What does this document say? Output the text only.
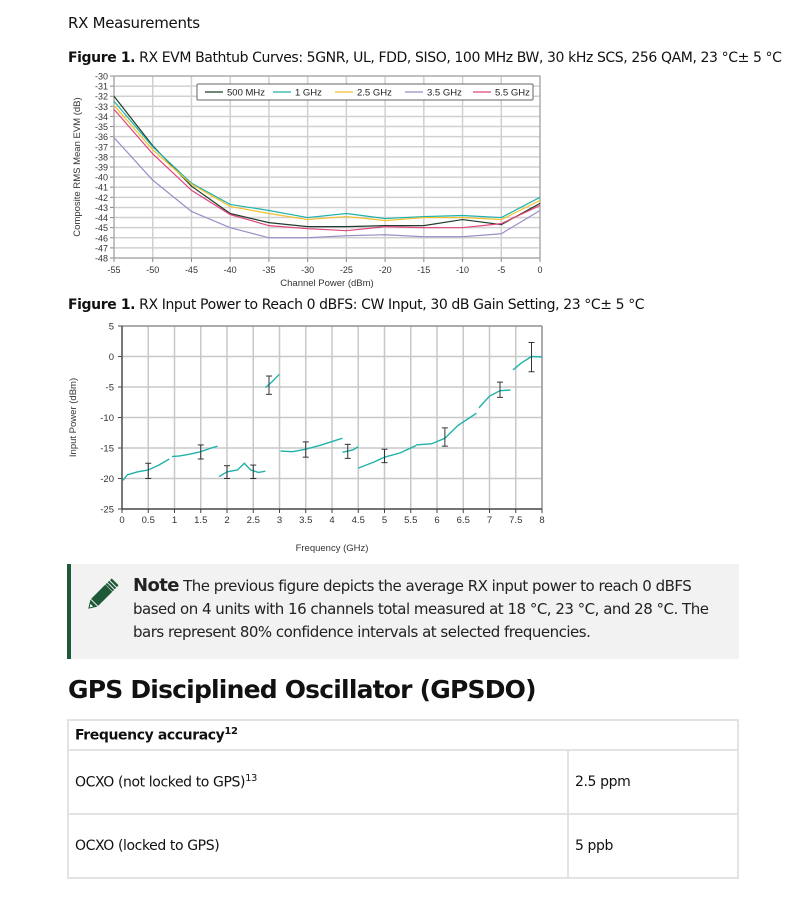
RX Measurements
Figure 1. RX EVM Bathtub Curves: 5GNR, UL, FDD, SISO, 100 MHz BW, 30 kHz SCS, 256 QAM, 23 °C± 5 °C
-30
-31
-32
-33
-34
-35
-36
-37
-38
-39
-40
-41
-42
-43
-44
-45
-46
-47
-48
-55	-50	-45	-40	-35	-30	-25	-20	-15	-10	-5	0
Channel Power (dBm)
Composite RMS Mean EVM (dB)
500 MHz	1 GHz	2.5 GHz	3.5 GHz	5.5 GHz
Figure 1. RX Input Power to Reach 0 dBFS: CW Input, 30 dB Gain Setting, 23 °C± 5 °C
5
0
-5
-10
-15
-20
-25
0 0.5 1 1.5 2 2.5 3 3.5 4 4.5 5 5.5 6 6.5 7 7.5 8
Frequency (GHz)
Input Power (dBm)
Note The previous figure depicts the average RX input power to reach 0 dBFS based on 4 units with 16 channels total measured at 18 °C, 23 °C, and 28 °C. The bars represent 80% confidence intervals at selected frequencies.
GPS Disciplined Oscillator (GPSDO)
Frequency accuracy$^{12}$
OCXO (not locked to GPS)$^{13}$	2.5 ppm
OCXO (locked to GPS)	5 ppb
